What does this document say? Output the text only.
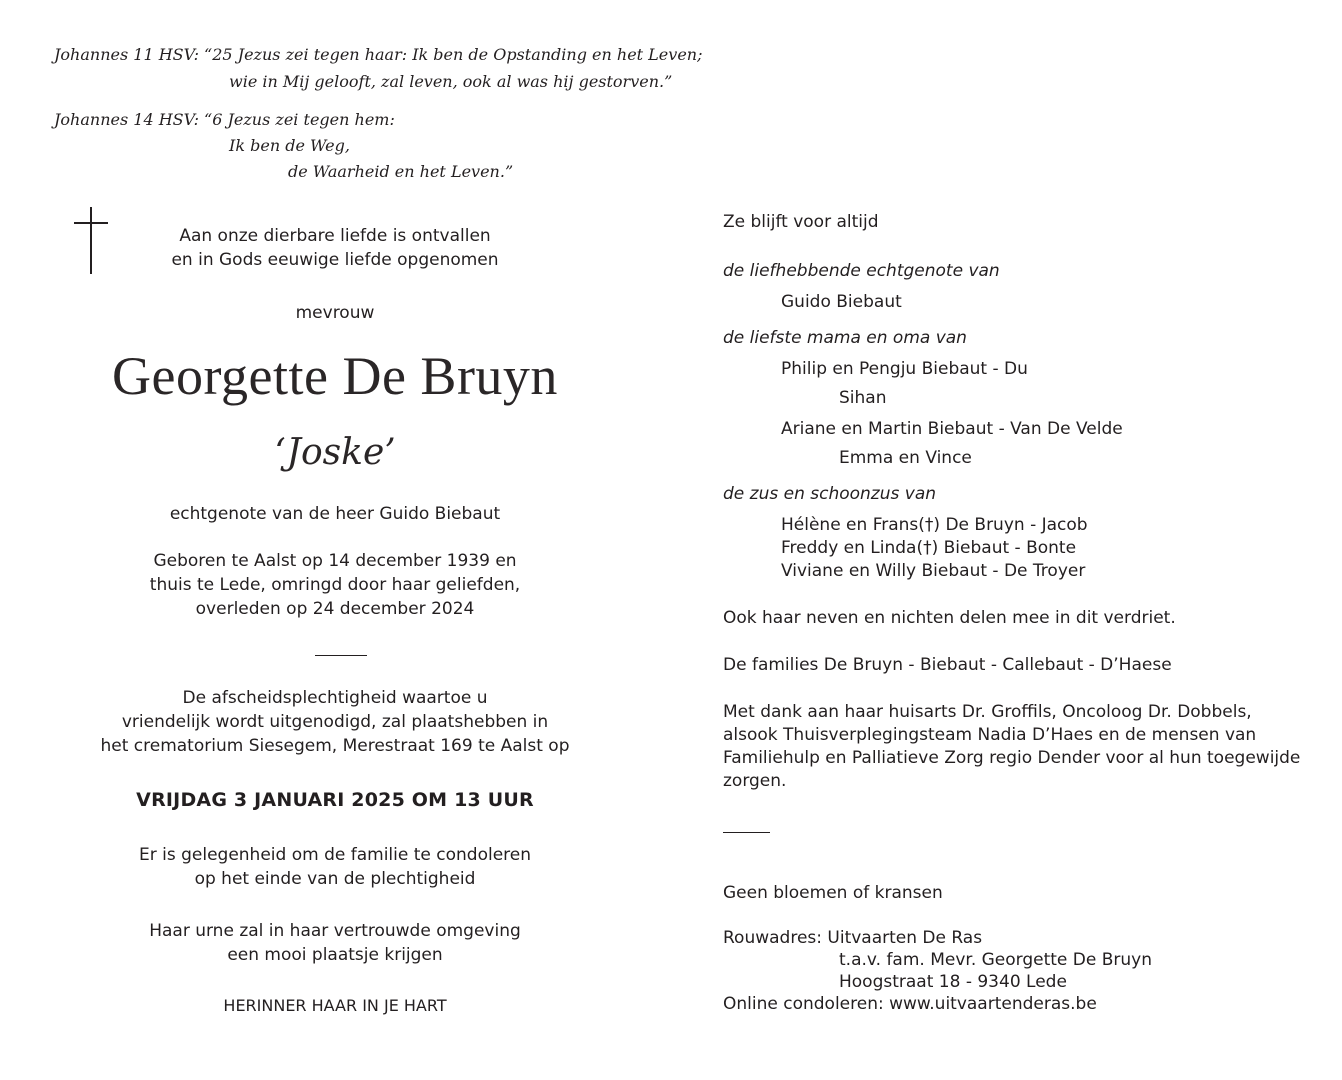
Johannes 11 HSV: “25 Jezus zei tegen haar: Ik ben de Opstanding en het Leven;
wie in Mij gelooft, zal leven, ook al was hij gestorven.”
Johannes 14 HSV: “6 Jezus zei tegen hem:
Ik ben de Weg,
de Waarheid en het Leven.”
Aan onze dierbare liefde is ontvallen
en in Gods eeuwige liefde opgenomen
mevrouw
Georgette De Bruyn
‘Joske’
echtgenote van de heer Guido Biebaut
Geboren te Aalst op 14 december 1939 en
thuis te Lede, omringd door haar geliefden,
overleden op 24 december 2024
De afscheidsplechtigheid waartoe u
vriendelijk wordt uitgenodigd, zal plaatshebben in
het crematorium Siesegem, Merestraat 169 te Aalst op
VRIJDAG 3 JANUARI 2025 OM 13 UUR
Er is gelegenheid om de familie te condoleren
op het einde van de plechtigheid
Haar urne zal in haar vertrouwde omgeving
een mooi plaatsje krijgen
HERINNER HAAR IN JE HART
Ze blijft voor altijd
de liefhebbende echtgenote van
Guido Biebaut
de liefste mama en oma van
Philip en Pengju Biebaut - Du
Sihan
Ariane en Martin Biebaut - Van De Velde
Emma en Vince
de zus en schoonzus van
Hélène en Frans(†) De Bruyn - Jacob
Freddy en Linda(†) Biebaut - Bonte
Viviane en Willy Biebaut - De Troyer
Ook haar neven en nichten delen mee in dit verdriet.
De families De Bruyn - Biebaut - Callebaut - D’Haese
Met dank aan haar huisarts Dr. Groffils, Oncoloog Dr. Dobbels,
alsook Thuisverplegingsteam Nadia D’Haes en de mensen van
Familiehulp en Palliatieve Zorg regio Dender voor al hun toegewijde
zorgen.
Geen bloemen of kransen
Rouwadres: Uitvaarten De Ras
t.a.v. fam. Mevr. Georgette De Bruyn
Hoogstraat 18 - 9340 Lede
Online condoleren: www.uitvaartenderas.be
